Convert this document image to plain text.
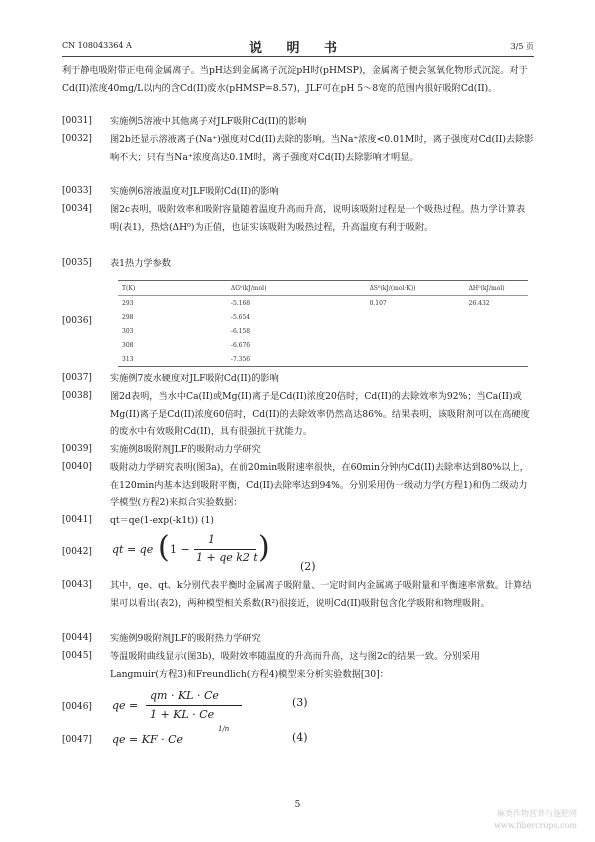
CN 108043364 A	说 明 书	3/5 页
利于静电吸附带正电荷金属离子。当pH达到金属离子沉淀pH时(pHMSP)，金属离子便会氢氧化物形式沉淀。对于Cd(II)浓度40mg/L以内的含Cd(II)废水(pHMSP=8.57)，JLF可在pH 5～8宽的范围内很好吸附Cd(II)。
[0031] 实施例5溶液中其他离子对JLF吸附Cd(II)的影响
[0032] 图2b还显示溶液离子(Na⁺)强度对Cd(II)去除的影响。当Na⁺浓度<0.01M时，离子强度对Cd(II)去除影响不大；只有当Na⁺浓度高达0.1M时，离子强度对Cd(II)去除影响才明显。
[0033] 实施例6溶液温度对JLF吸附Cd(II)的影响
[0034] 图2c表明，吸附效率和吸附容量随着温度升高而升高，说明该吸附过程是一个吸热过程。热力学计算表明(表1)，热焓(ΔH⁰)为正值，也证实该吸附为吸热过程，升高温度有利于吸附。
[0035] 表1热力学参数
[0036]
T(K)	ΔG⁰(kJ/mol)	ΔS⁰(kJ/(mol·K))	ΔH⁰(kJ/mol)
293	-5.168	0.107	26.432
298	-5.654
303	-6.158
308	-6.676
313	-7.356
[0037] 实施例7废水硬度对JLF吸附Cd(II)的影响
[0038] 图2d表明，当水中Ca(II)或Mg(II)离子是Cd(II)浓度20倍时，Cd(II)的去除效率为92%；当Ca(II)或Mg(II)离子是Cd(II)浓度60倍时，Cd(II)的去除效率仍然高达86%。结果表明，该吸附剂可以在高硬度的废水中有效吸附Cd(II)，具有很强抗干扰能力。
[0039] 实施例8吸附剂JLF的吸附动力学研究
[0040] 吸附动力学研究表明(图3a)，在前20min吸附速率很快，在60min分钟内Cd(II)去除率达到80%以上，在120min内基本达到吸附平衡，Cd(II)去除率达到94%。分别采用伪一级动力学(方程1)和伪二级动力学模型(方程2)来拟合实验数据：
[0041] qt＝qe(1-exp(-k1t)) (1)
[0042] qt = qe ( 1 −
1
1 + qe k2 t )
(2)
[0043] 其中，qe、qt、k分别代表平衡时金属离子吸附量、一定时间内金属离子吸附量和平衡速率常数。计算结果可以看出(表2)，两种模型相关系数(R²)很接近，说明Cd(II)吸附包含化学吸附和物理吸附。
[0044] 实施例9吸附剂JLF的吸附热力学研究
[0045] 等温吸附曲线显示(图3b)，吸附效率随温度的升高而升高，这与图2c的结果一致。分别采用Langmuir(方程3)和Freundlich(方程4)模型来分析实验数据[30]：
[0046] qe =
qm · KL · Ce
1 + KL · Ce
(3)
[0047] qe = KF · Ce
1/n
(4)
5
麻类作物营养与施肥网
www.fibercrops.com
